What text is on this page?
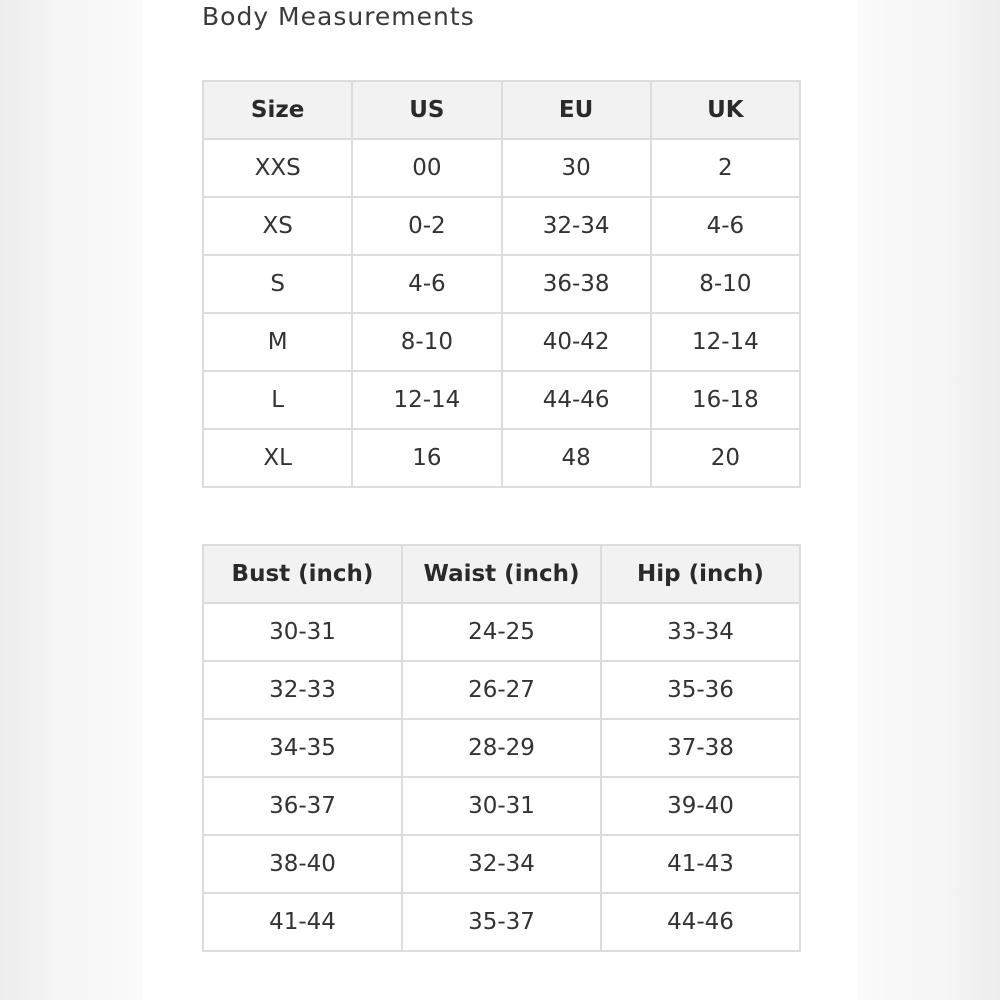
Body Measurements
Size	US	EU	UK
XXS	00	30	2
XS	0-2	32-34	4-6
S	4-6	36-38	8-10
M	8-10	40-42	12-14
L	12-14	44-46	16-18
XL	16	48	20
Bust (inch)	Waist (inch)	Hip (inch)
30-31	24-25	33-34
32-33	26-27	35-36
34-35	28-29	37-38
36-37	30-31	39-40
38-40	32-34	41-43
41-44	35-37	44-46
